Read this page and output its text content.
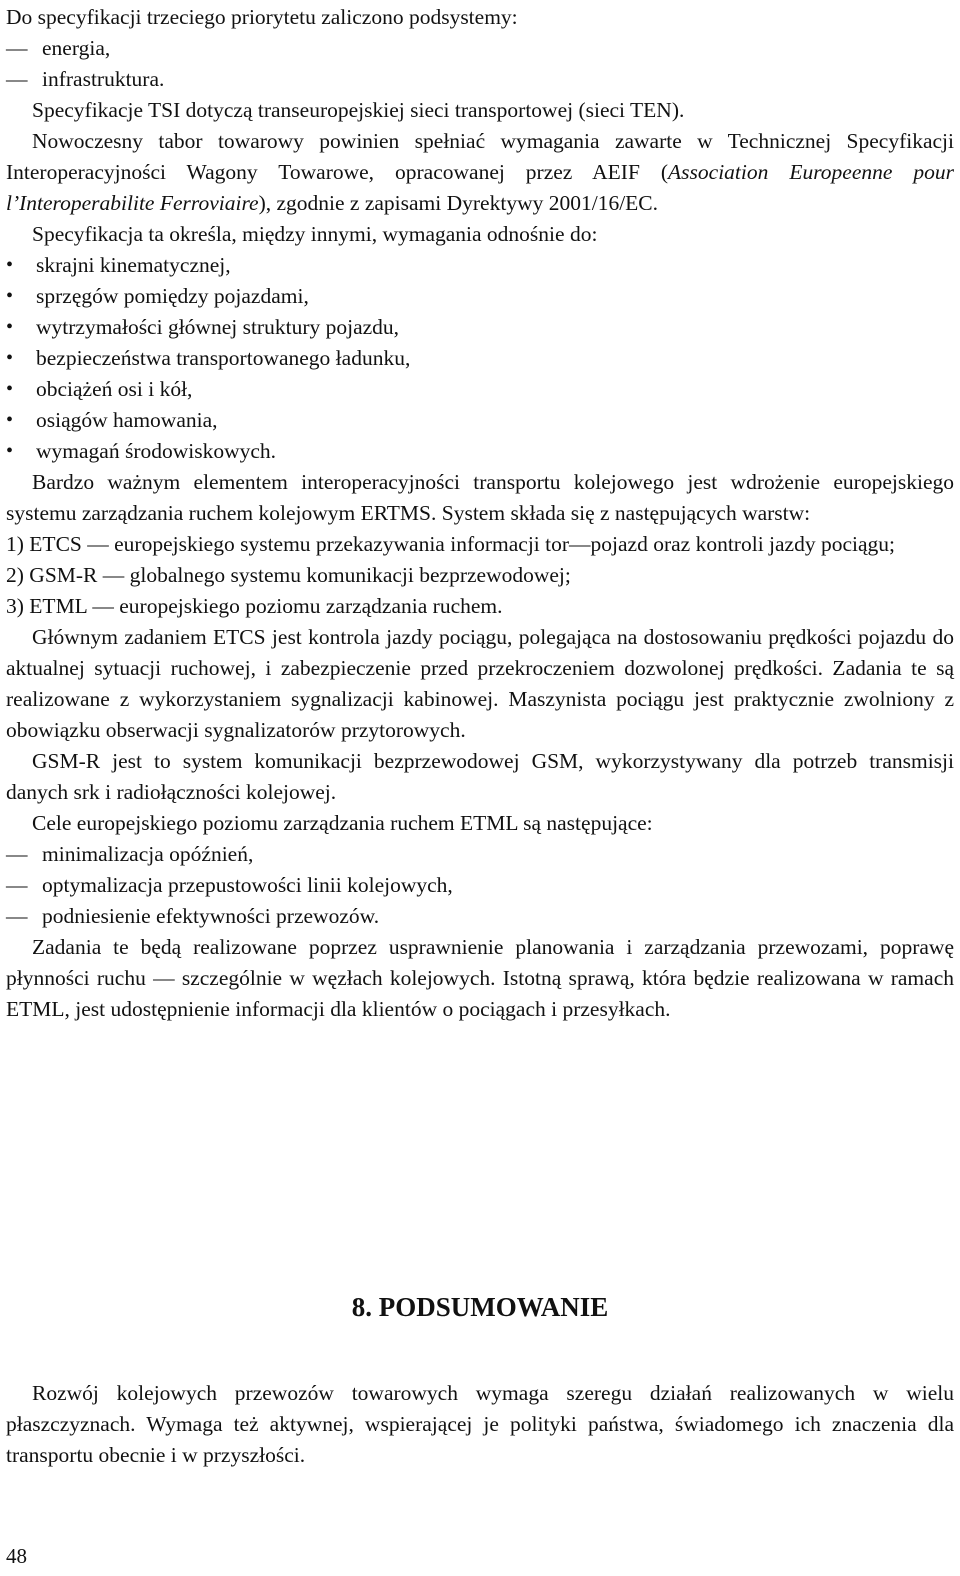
Do specyfikacji trzeciego priorytetu zaliczono podsystemy:

— energia,
— infrastruktura.

Specyfikacje TSI dotyczą transeuropejskiej sieci transportowej (sieci TEN).

Nowoczesny tabor towarowy powinien spełniać wymagania zawarte w Technicznej Specyfikacji Interoperacyjności Wagony Towarowe, opracowanej przez AEIF (Association Europeenne pour l’Interoperabilite Ferroviaire), zgodnie z zapisami Dyrektywy 2001/16/EC.

Specyfikacja ta określa, między innymi, wymagania odnośnie do:

• skrajni kinematycznej,
• sprzęgów pomiędzy pojazdami,
• wytrzymałości głównej struktury pojazdu,
• bezpieczeństwa transportowanego ładunku,
• obciążeń osi i kół,
• osiągów hamowania,
• wymagań środowiskowych.

Bardzo ważnym elementem interoperacyjności transportu kolejowego jest wdrożenie europejskiego systemu zarządzania ruchem kolejowym ERTMS. System składa się z następujących warstw:

1) ETCS — europejskiego systemu przekazywania informacji tor—pojazd oraz kontroli jazdy pociągu;

2) GSM-R — globalnego systemu komunikacji bezprzewodowej;

3) ETML — europejskiego poziomu zarządzania ruchem.

Głównym zadaniem ETCS jest kontrola jazdy pociągu, polegająca na dostosowaniu prędkości pojazdu do aktualnej sytuacji ruchowej, i zabezpieczenie przed przekroczeniem dozwolonej prędkości. Zadania te są realizowane z wykorzystaniem sygnalizacji kabinowej. Maszynista pociągu jest praktycznie zwolniony z obowiązku obserwacji sygnalizatorów przytorowych.

GSM-R jest to system komunikacji bezprzewodowej GSM, wykorzystywany dla potrzeb transmisji danych srk i radiołączności kolejowej.

Cele europejskiego poziomu zarządzania ruchem ETML są następujące:

— minimalizacja opóźnień,
— optymalizacja przepustowości linii kolejowych,
— podniesienie efektywności przewozów.

Zadania te będą realizowane poprzez usprawnienie planowania i zarządzania przewozami, poprawę płynności ruchu — szczególnie w węzłach kolejowych. Istotną sprawą, która będzie realizowana w ramach ETML, jest udostępnienie informacji dla klientów o pociągach i przesyłkach.

8. PODSUMOWANIE

Rozwój kolejowych przewozów towarowych wymaga szeregu działań realizowanych w wielu płaszczyznach. Wymaga też aktywnej, wspierającej je polityki państwa, świadomego ich znaczenia dla transportu obecnie i w przyszłości.

48
